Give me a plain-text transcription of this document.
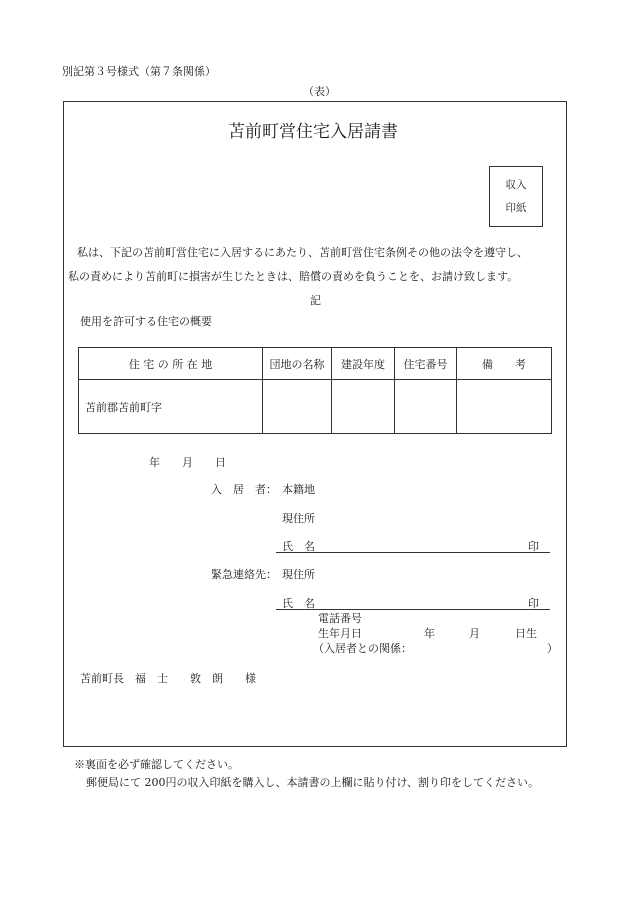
別記第３号様式（第７条関係）
（表）
苫前町営住宅入居請書
収入
印紙
私は、下記の苫前町営住宅に入居するにあたり、苫前町営住宅条例その他の法令を遵守し、
私の責めにより苫前町に損害が生じたときは、賠償の責めを負うことを、お請け致します。
記
使用を許可する住宅の概要
住 宅 の 所 在 地	団地の名称	建設年度	住宅番号	備　　考
苫前郡苫前町字				
年　　月　　日
入　居　者： 本籍地
現住所
氏　名	印
緊急連絡先： 現住所
氏　名	印
電話番号
生年月日	年	月	日生
（入居者との関係：	）
苫前町長　福　士　　敦　朗　　様
※裏面を必ず確認してください。
郵便局にて 200円の収入印紙を購入し、本請書の上欄に貼り付け、割り印をしてください。
